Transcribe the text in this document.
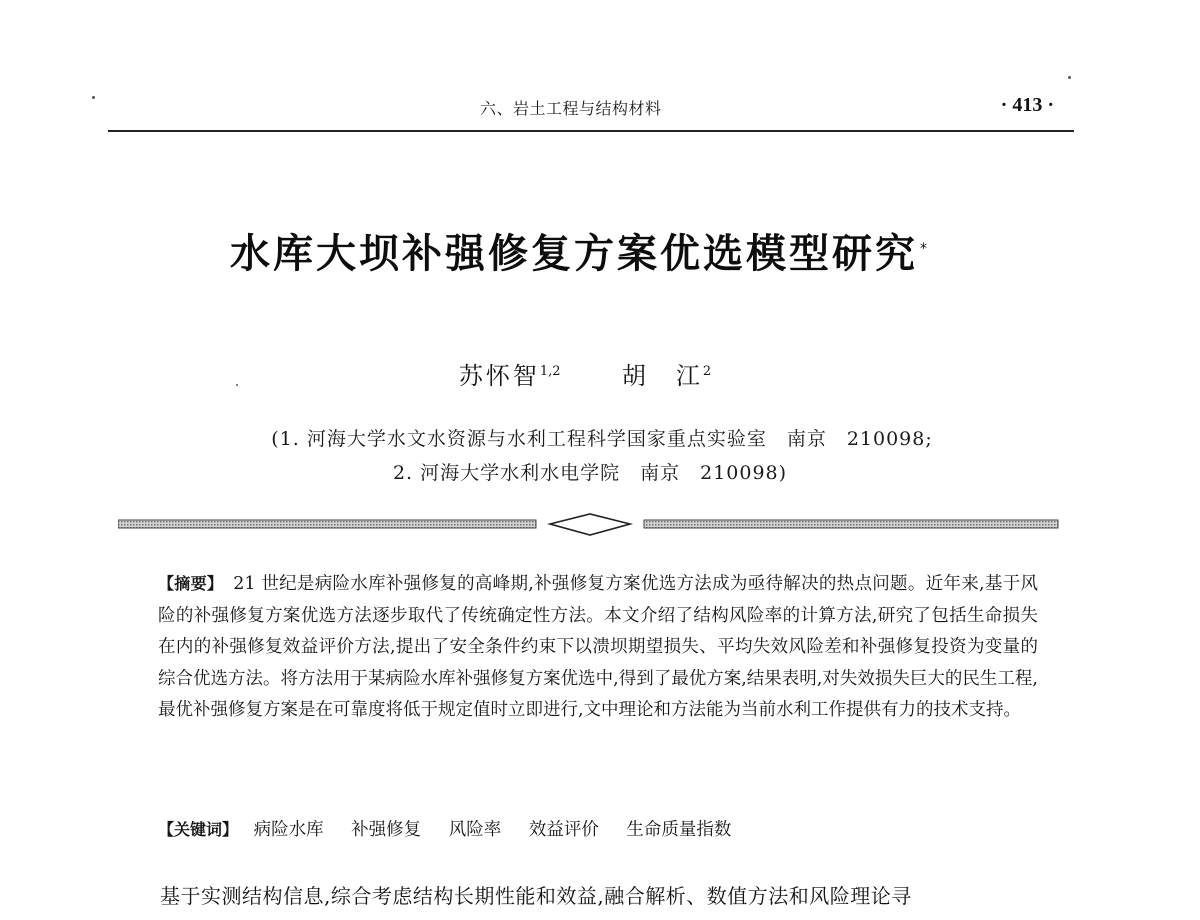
六、岩土工程与结构材料	· 413 ·
水库大坝补强修复方案优选模型研究 *
苏怀智$^{1,2}$	胡　江$^2$
(1. 河海大学水文水资源与水利工程科学国家重点实验室　南京　210098;
2. 河海大学水利水电学院　南京　210098)
【摘要】 21 世纪是病险水库补强修复的高峰期,补强修复方案优选方法成为亟待解决的热点问题。近年来,基于风险的补强修复方案优选方法逐步取代了传统确定性方法。本文介绍了结构风险率的计算方法,研究了包括生命损失在内的补强修复效益评价方法,提出了安全条件约束下以溃坝期望损失、平均失效风险差和补强修复投资为变量的综合优选方法。将方法用于某病险水库补强修复方案优选中,得到了最优方案,结果表明,对失效损失巨大的民生工程,最优补强修复方案是在可靠度将低于规定值时立即进行,文中理论和方法能为当前水利工作提供有力的技术支持。
【关键词】 病险水库 补强修复 风险率 效益评价 生命质量指数
基于实测结构信息,综合考虑结构长期性能和效益,融合解析、数值方法和风险理论寻
